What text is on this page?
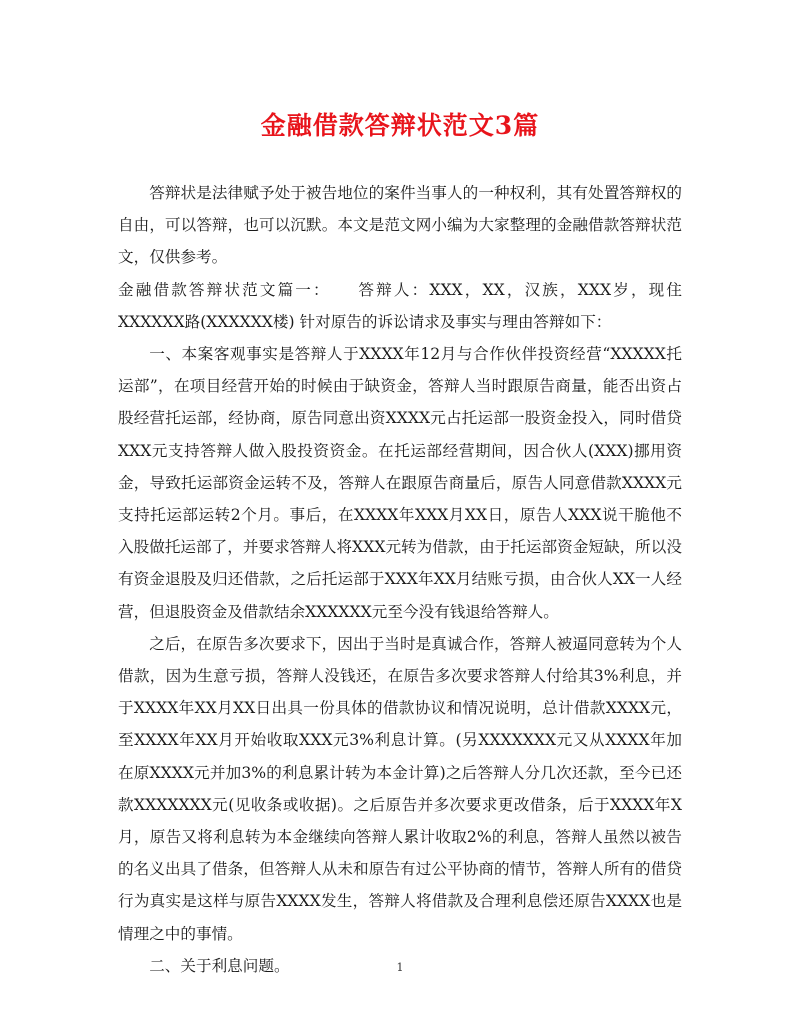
金融借款答辩状范文3篇

答辩状是法律赋予处于被告地位的案件当事人的一种权利，其有处置答辩权的自由，可以答辩，也可以沉默。本文是范文网小编为大家整理的金融借款答辩状范文，仅供参考。

金融借款答辩状范文篇一：　　答辩人：XXX，XX，汉族，XXX岁，现住XXXXXX路(XXXXXX楼) 针对原告的诉讼请求及事实与理由答辩如下：

一、本案客观事实是答辩人于XXXX年12月与合作伙伴投资经营“XXXXX托运部”，在项目经营开始的时候由于缺资金，答辩人当时跟原告商量，能否出资占股经营托运部，经协商，原告同意出资XXXX元占托运部一股资金投入，同时借贷XXX元支持答辩人做入股投资资金。在托运部经营期间，因合伙人(XXX)挪用资金，导致托运部资金运转不及，答辩人在跟原告商量后，原告人同意借款XXXX元支持托运部运转2个月。事后，在XXXX年XXX月XX日，原告人XXX说干脆他不入股做托运部了，并要求答辩人将XXX元转为借款，由于托运部资金短缺，所以没有资金退股及归还借款，之后托运部于XXX年XX月结账亏损，由合伙人XX一人经营，但退股资金及借款结余XXXXXX元至今没有钱退给答辩人。

之后，在原告多次要求下，因出于当时是真诚合作，答辩人被逼同意转为个人借款，因为生意亏损，答辩人没钱还，在原告多次要求答辩人付给其3%利息，并于XXXX年XX月XX日出具一份具体的借款协议和情况说明，总计借款XXXX元，至XXXX年XX月开始收取XXX元3%利息计算。(另XXXXXXX元又从XXXX年加在原XXXX元并加3%的利息累计转为本金计算)之后答辩人分几次还款，至今已还款XXXXXXX元(见收条或收据)。之后原告并多次要求更改借条，后于XXXX年X月，原告又将利息转为本金继续向答辩人累计收取2%的利息，答辩人虽然以被告的名义出具了借条，但答辩人从未和原告有过公平协商的情节，答辩人所有的借贷行为真实是这样与原告XXXX发生，答辩人将借款及合理利息偿还原告XXXX也是情理之中的事情。

二、关于利息问题。	1
